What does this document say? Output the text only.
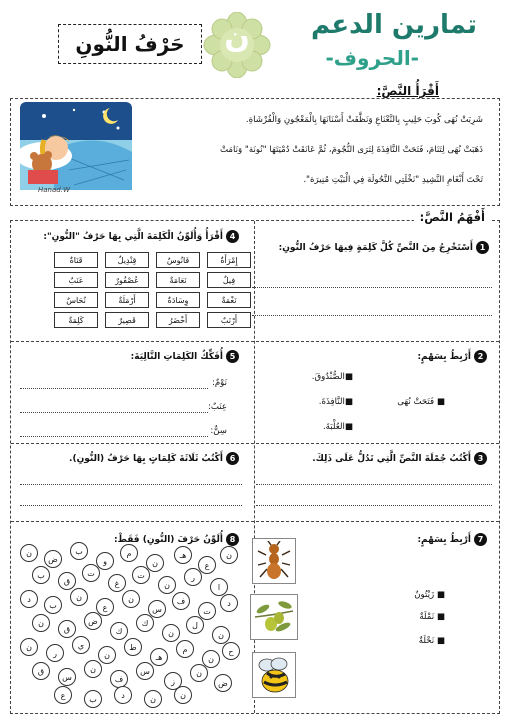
تمارين الدعم
-الحروف-
ن
حَرْفُ النُّونِ
أَقْرَأُ النَّصَّ:
شَرِبَتْ نُهَى كُوبَ حَلِيبٍ بِالنَّعْنَاعِ وَنَظَّفَتْ أَسْنَانَهَا بِالْمَعْجُونِ وَالْفُرْشَاةِ.
ذَهَبَتْ نُهَى لِتَنَامَ، فَتَحَتْ النَّافِذَةَ لِتَرَى النُّجُومَ، ثُمَّ عَانَقَتْ دُمْيَتَهَا "نُونَة" وَنَامَتْ
تَحْتَ أَنْغَامِ النَّشِيدِ "نَخْلَتِي النَّحُولَة فِي الْبَيْتِ مُنِيرَة".
Hanad.W
أَفْهَمُ النَّصَّ:
1
أَسْتَخْرِجُ مِنَ النَّصِّ كُلَّ كَلِمَةٍ فِيهَا حَرْفُ النُّونِ:
4
أَقْرَأُ وَأُلَوِّنُ الْكَلِمَةَ الَّتِي بِهَا حَرْفُ "النُّونِ":
إِمْرَأَةٌ
فَانُوسٌ
قِنْدِيلٌ
قَنَاةٌ
فِيلٌ
نَعَامَةٌ
عُصْفُورٌ
عَنَبٌ
نَغْمَةٌ
وِسَادَةٌ
أَرْمَلَةٌ
نُحَاسٌ
أَرْنَبٌ
أَخْضَرُ
قَصِيرٌ
كَلِمَةٌ
2
أَرْبِطُ بِسَهْمٍ:
■ فَتَحَتْ نُهَى
■الصُّنْدُوقَ.
■النَّافِذَةَ.
■العُلْبَةَ.
5
أُفَكِّكُ الكَلِمَاتِ التَّالِيَةَ:
نَوْمٌ:
عِنَبٌ:
سِنٌّ:
3
أَكْتُبُ جُمْلَةَ النَّصِّ الَّتِي تَدُلُّ عَلَى ذَلِكَ.
6
أَكْتُبُ ثَلَاثَةَ كَلِمَاتٍ بِهَا حَرْفُ (النُّونِ).
7
أَرْبِطُ بِسَهْمٍ:
■ زَيْتُونٌ
■ نَمْلَةٌ
■ نَحْلَةٌ
8
أُلَوِّنُ حَرْفَ (النُّونِ) فَقَطْ:
ن
ض
ب
و
م
ن
هـ
ع
ن
ب
ق
ت
غ
ت
ن
ر
ا
د
ب
ن
ع
ن
س
ف
ت
د
ن
ق
ض
ك
ك
ن
ل
ن
ن
ر
ي
ن
ط
هـ
م
ن
ح
ق
س
ن
ف
س
ز
ن
ض
ع	ب	د	ن	ن
